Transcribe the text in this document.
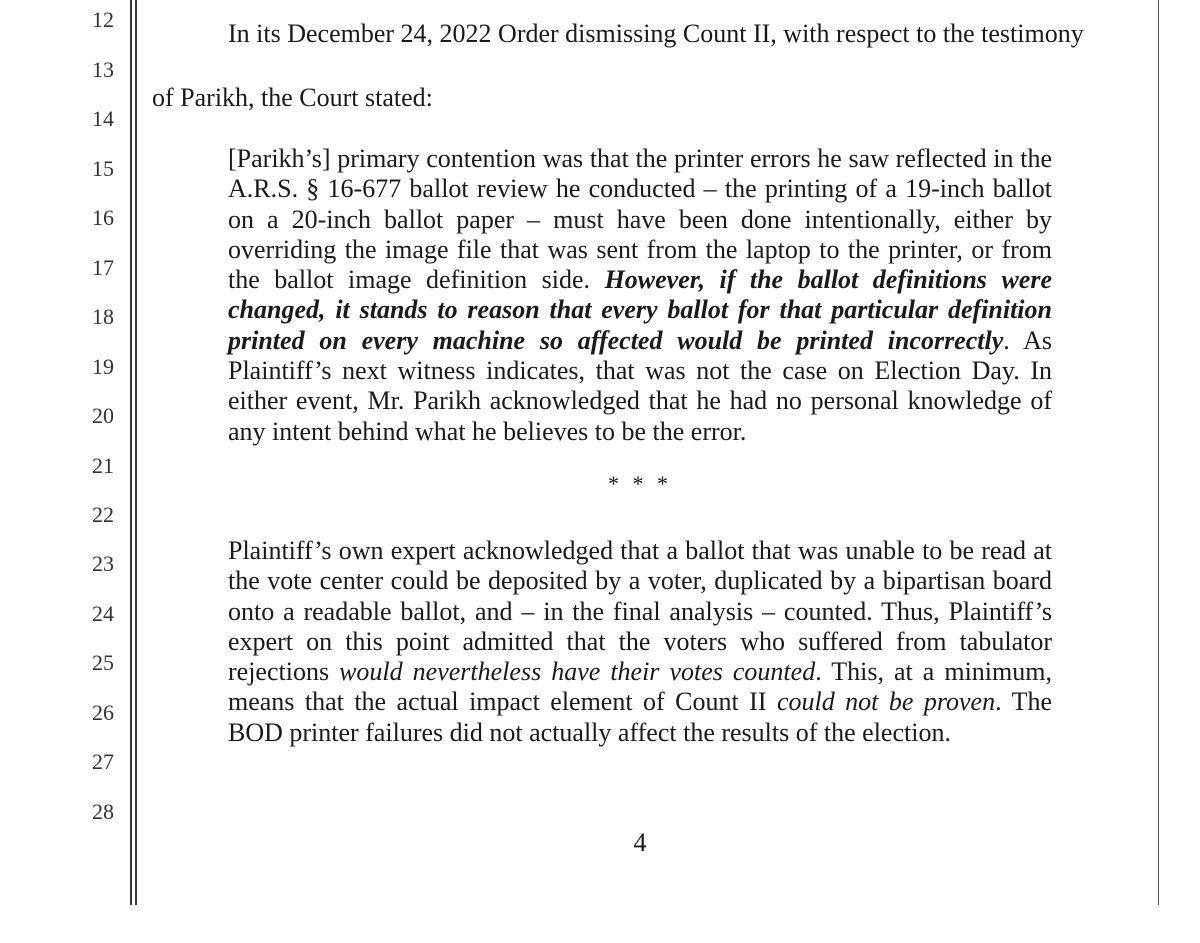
12
13
14
15
16
17
18
19
20
21
22
23
24
25
26
27
28
In its December 24, 2022 Order dismissing Count II, with respect to the testimony
of Parikh, the Court stated:

[Parikh’s] primary contention was that the printer errors he saw reflected in the A.R.S. § 16-677 ballot review he conducted – the printing of a 19-inch ballot on a 20-inch ballot paper – must have been done intentionally, either by overriding the image file that was sent from the laptop to the printer, or from the ballot image definition side. However, if the ballot definitions were changed, it stands to reason that every ballot for that particular definition printed on every machine so affected would be printed incorrectly. As Plaintiff’s next witness indicates, that was not the case on Election Day. In either event, Mr. Parikh acknowledged that he had no personal knowledge of any intent behind what he believes to be the error.

* * *

Plaintiff’s own expert acknowledged that a ballot that was unable to be read at the vote center could be deposited by a voter, duplicated by a bipartisan board onto a readable ballot, and – in the final analysis – counted. Thus, Plaintiff’s expert on this point admitted that the voters who suffered from tabulator rejections would nevertheless have their votes counted. This, at a minimum, means that the actual impact element of Count II could not be proven. The BOD printer failures did not actually affect the results of the election.

4
